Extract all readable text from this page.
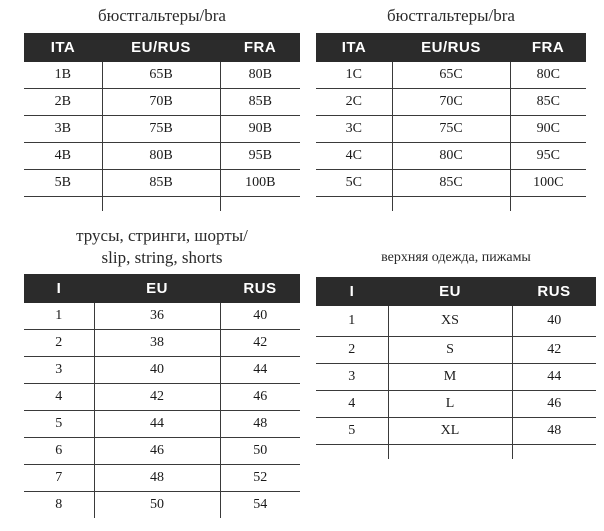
бюстгальтеры/bra
ITA	EU/RUS	FRA
1B	65B	80B
2B	70B	85B
3B	75B	90B
4B	80B	95B
5B	85B	100B

бюстгальтеры/bra
ITA	EU/RUS	FRA
1C	65C	80C
2C	70C	85C
3C	75C	90C
4C	80C	95C
5C	85C	100C

трусы, стринги, шорты/
slip, string, shorts
I	EU	RUS
1	36	40
2	38	42
3	40	44
4	42	46
5	44	48
6	46	50
7	48	52
8	50	54
верхняя одежда, пижамы
I	EU	RUS
1	XS	40
2	S	42
3	M	44
4	L	46
5	XL	48
